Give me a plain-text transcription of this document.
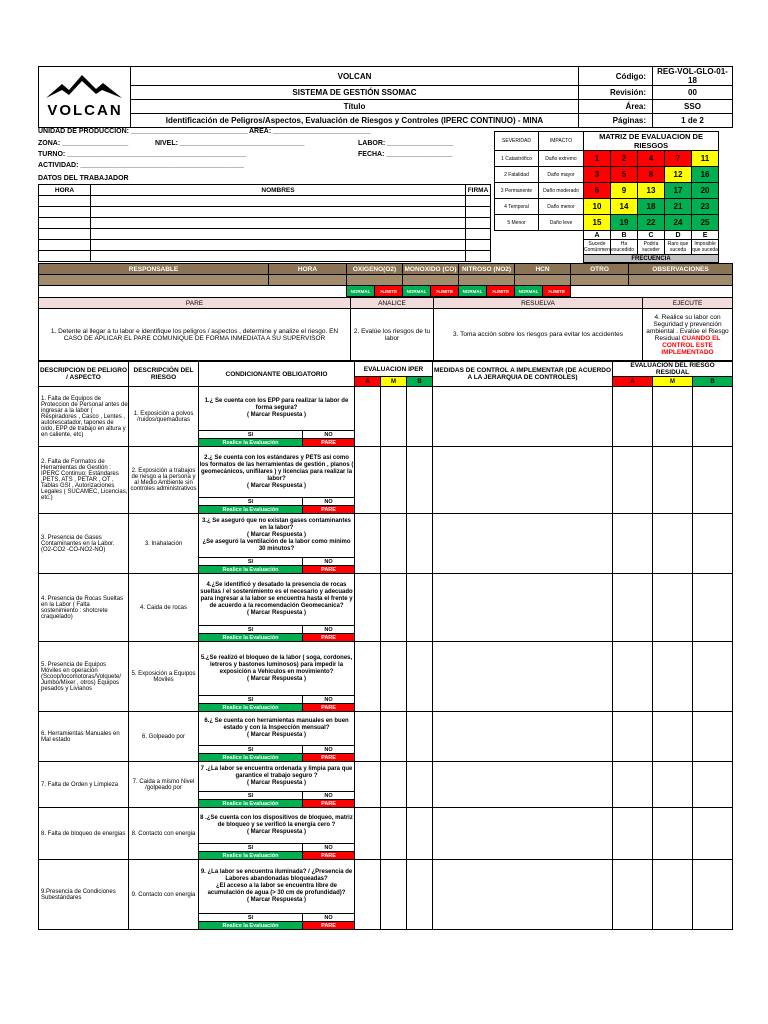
VOLCAN	VOLCAN	Código:	REG-VOL-GLO-01-18
	SISTEMA DE GESTIÓN SSOMAC	Revisión:	00
	Título	Área:	SSO
	Identificación de Peligros/Aspectos, Evaluación de Riesgos y Controles (IPERC CONTINUO) - MINA	Páginas:	1 de 2
UNIDAD DE PRODUCCION: ______________________________ AREA: _________________________
ZONA: _________________	NIVEL: ________________________________	LABOR: _________________
TURNO: ______________________________________________	FECHA: _________________
ACTIVIDAD: __________________________________________
DATOS DEL TRABAJADOR
HORA	NOMBRES	FIRMA

SEVERIDAD	IMPACTO	MATRIZ DE EVALUACION DE RIESGOS				
1 Catastrófico	Daño extremo	1	2	4	7	11
2 Fatalidad	Daño mayor	3	5	8	12	16
3 Permanente	Daño moderado	6	9	13	17	20
4 Temporal	Daño menor	10	14	18	21	23
5 Menor	Daño leve	15	19	22	24	25
		A	B	C	D	E
		Sucede Comúnmente	Ha sucedido	Podría suceder	Raro que suceda	Imposible que suceda
		FRECUENCIA				
RESPONSABLE	HORA	OXIGENO(O2)		MONOXIDO (CO)		NITROSO (NO2)		HCN		OTRO	OBSERVACIONES

		NORMAL	>LIMITE	NORMAL	>LIMITE	NORMAL	>LIMITE	NORMAL	>LIMITE		
PARE	ANALICE	RESUELVA	EJECUTE
1. Detente al llegar a tu labor e identifique los peligros / aspectos , determine y analize el riesgo. EN CASO DE APLICAR EL PARE COMUNIQUE DE FORMA INMEDIATA A SU SUPERVISOR	2. Evalúe los riesgos de tu labor	3. Toma acción sobre los riesgos para evitar los accidentes	4. Realice su labor con Seguridad y prevención ambiental . Evalúe el Riesgo Residual CUANDO EL CONTROL ESTE IMPLEMENTADO
DESCRIPCION DE PELIGRO / ASPECTO	DESCRIPCIÓN DEL RIESGO	CONDICIONANTE OBLIGATORIO		EVALUACION IPER			MEDIDAS DE CONTROL A IMPLEMENTAR (DE ACUERDO A LA JERARQUIA DE CONTROLES)	EVALUACIÓN DEL RIESGO RESIDUAL		
				A	M	B		A	M	B
1. Falta de Equipos de Proteccion de Personal antes de ingresar a la labor ( Respiradores , Casco , Lentes , autorescatador, tapones de oido, EPP de trabajo en altura y en caliente, etc)	1. Exposición a polvos /ruidos/quemaduras	1.¿ Se cuenta con los EPP para realizar la labor de forma segura?
( Marcar Respuesta )								
		SI	NO							
		Realice la Evaluación	PARE							
2. Falta de Formatos de Herramientas de Gestión : IPERC Continuo; Estándares ,PETS, ATS , PETAR , OT , Tablas GSI , Autorizaciones Legales ( SUCAMEC, Licencias, etc.)	2. Exposición a trabajos de riesgo a la persona y al Medio Ambiente sin controles administrativos	2.¿ Se cuenta con los estándares y PETS así como los formatos de las herramientas de gestión , planos ( geomecánicos, unifilares ) y licencias para realizar la labor?
( Marcar Respuesta )								
		SI	NO							
		Realice la Evaluación	PARE							
3. Presencia de Gases Contaminantes en la Labor. (O2-CO2 -CO-NO2-NO)	3. Inahalación	3.¿ Se aseguró que no existan gases contaminantes en la labor?
( Marcar Respuesta )
¿Se aseguró la ventilación de la labor como mínimo 30 minutos?								
		SI	NO							
		Realice la Evaluación	PARE							
4. Presencia de Rocas Sueltas en la Labor ( Falta sostenimiento : shotcrete craquelado)	4. Caida de rocas	4.¿Se identificó y desatado la presencia de rocas sueltas / el sostenimiento es el necesario y adecuado para ingresar a la labor se encuentra hasta el frente y de acuerdo a la recomendación Geomecanica?
( Marcar Respuesta )								
		SI	NO							
		Realice la Evaluación	PARE							
5. Presencia de Equipos Móviles en operación (Scoop/locomotoras/Volquete/ Jumbo/Mixer , otros) Equipos pesados y Livianos	5. Exposición a Equipos Moviles	5.¿Se realizó el bloqueo de la labor ( soga, cordones, letreros y bastones luminosos) para impedir la exposición a Vehículos en movimiento?
( Marcar Respuesta )								
		SI	NO							
		Realice la Evaluación	PARE							
6. Herramientas Manuales en Mal estado	6. Golpeado por	6.¿ Se cuenta con herramientas manuales en buen estado y con la Inspección mensual?
( Marcar Respuesta )								
		SI	NO							
		Realice la Evaluación	PARE							
7. Falta de Orden y Limpieza	7. Caida a mismo Nivel /golpeado por	7 .¿La labor se encuentra ordenada y limpia para que garantice el trabajo seguro ?
( Marcar Respuesta )								
		SI	NO							
		Realice la Evaluación	PARE							
8. Falta de bloqueo de energias	8. Contacto con energia	8 .¿Se cuenta con los dispositivos de bloqueo, matriz de bloqueo y se verificó la energía cero ?
( Marcar Respuesta )								
		SI	NO							
		Realice la Evaluación	PARE							
9.Presencia de Condiciones Subestándares	9. Contacto con energia	9. ¿La labor se encuentra iluminada? / ¿Presencia de Labores abandonadas bloqueadas?
¿El acceso a la labor se encuentra libre de acumulación de agua (> 30 cm de profundidad)?
( Marcar Respuesta )								
		SI	NO							
		Realice la Evaluación	PARE							
